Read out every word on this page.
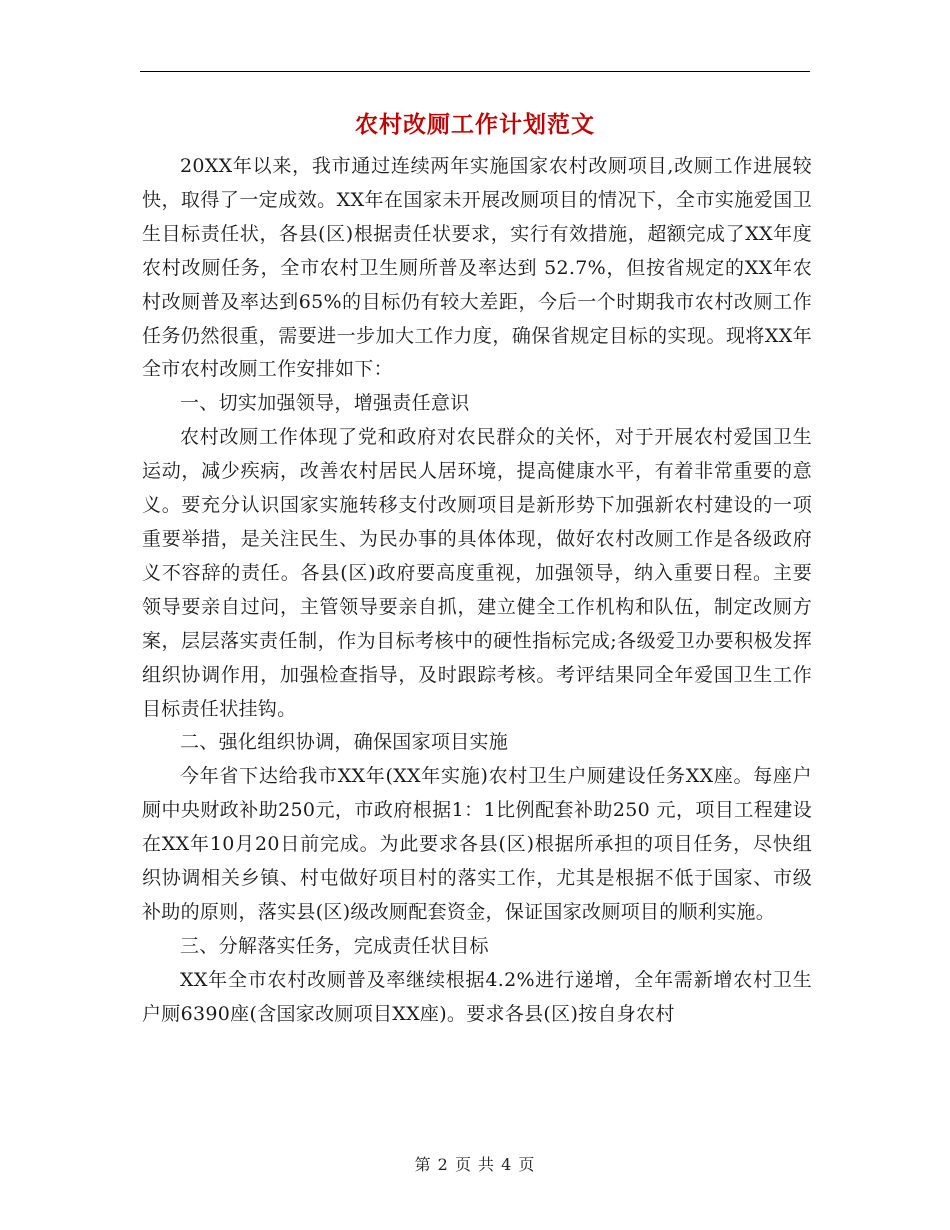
农村改厕工作计划范文

20XX年以来，我市通过连续两年实施国家农村改厕项目,改厕工作进展较快，取得了一定成效。XX年在国家未开展改厕项目的情况下，全市实施爱国卫生目标责任状，各县(区)根据责任状要求，实行有效措施，超额完成了XX年度农村改厕任务，全市农村卫生厕所普及率达到 52.7%，但按省规定的XX年农村改厕普及率达到65%的目标仍有较大差距，今后一个时期我市农村改厕工作任务仍然很重，需要进一步加大工作力度，确保省规定目标的实现。现将XX年全市农村改厕工作安排如下：

一、切实加强领导，增强责任意识

农村改厕工作体现了党和政府对农民群众的关怀，对于开展农村爱国卫生运动，减少疾病，改善农村居民人居环境，提高健康水平，有着非常重要的意义。要充分认识国家实施转移支付改厕项目是新形势下加强新农村建设的一项重要举措，是关注民生、为民办事的具体体现，做好农村改厕工作是各级政府义不容辞的责任。各县(区)政府要高度重视，加强领导，纳入重要日程。主要领导要亲自过问，主管领导要亲自抓，建立健全工作机构和队伍，制定改厕方案，层层落实责任制，作为目标考核中的硬性指标完成;各级爱卫办要积极发挥组织协调作用，加强检查指导，及时跟踪考核。考评结果同全年爱国卫生工作目标责任状挂钩。

二、强化组织协调，确保国家项目实施

今年省下达给我市XX年(XX年实施)农村卫生户厕建设任务XX座。每座户厕中央财政补助250元，市政府根据1：1比例配套补助250 元，项目工程建设在XX年10月20日前完成。为此要求各县(区)根据所承担的项目任务，尽快组织协调相关乡镇、村屯做好项目村的落实工作，尤其是根据不低于国家、市级补助的原则，落实县(区)级改厕配套资金，保证国家改厕项目的顺利实施。

三、分解落实任务，完成责任状目标

XX年全市农村改厕普及率继续根据4.2%进行递增，全年需新增农村卫生户厕6390座(含国家改厕项目XX座)。要求各县(区)按自身农村

第 2 页 共 4 页
